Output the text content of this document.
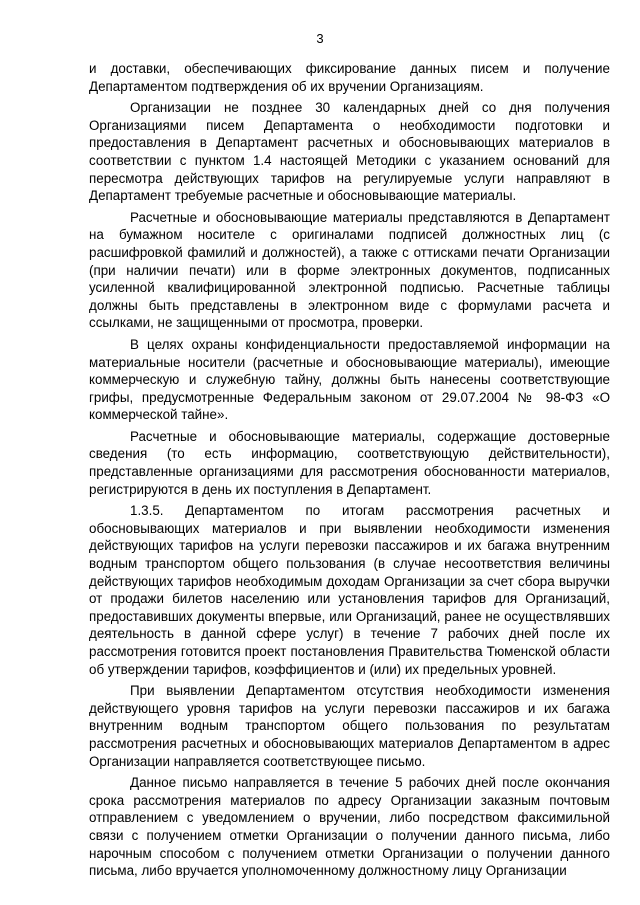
3

и доставки, обеспечивающих фиксирование данных писем и получение Департаментом подтверждения об их вручении Организациям.

Организации не позднее 30 календарных дней со дня получения Организациями писем Департамента о необходимости подготовки и предоставления в Департамент расчетных и обосновывающих материалов в соответствии с пунктом 1.4 настоящей Методики с указанием оснований для пересмотра действующих тарифов на регулируемые услуги направляют в Департамент требуемые расчетные и обосновывающие материалы.

Расчетные и обосновывающие материалы представляются в Департамент на бумажном носителе с оригиналами подписей должностных лиц (с расшифровкой фамилий и должностей), а также с оттисками печати Организации (при наличии печати) или в форме электронных документов, подписанных усиленной квалифицированной электронной подписью. Расчетные таблицы должны быть представлены в электронном виде с формулами расчета и ссылками, не защищенными от просмотра, проверки.

В целях охраны конфиденциальности предоставляемой информации на материальные носители (расчетные и обосновывающие материалы), имеющие коммерческую и служебную тайну, должны быть нанесены соответствующие грифы, предусмотренные Федеральным законом от 29.07.2004 № 98-ФЗ «О коммерческой тайне».

Расчетные и обосновывающие материалы, содержащие достоверные сведения (то есть информацию, соответствующую действительности), представленные организациями для рассмотрения обоснованности материалов, регистрируются в день их поступления в Департамент.

1.3.5. Департаментом по итогам рассмотрения расчетных и обосновывающих материалов и при выявлении необходимости изменения действующих тарифов на услуги перевозки пассажиров и их багажа внутренним водным транспортом общего пользования (в случае несоответствия величины действующих тарифов необходимым доходам Организации за счет сбора выручки от продажи билетов населению или установления тарифов для Организаций, предоставивших документы впервые, или Организаций, ранее не осуществлявших деятельность в данной сфере услуг) в течение 7 рабочих дней после их рассмотрения готовится проект постановления Правительства Тюменской области об утверждении тарифов, коэффициентов и (или) их предельных уровней.

При выявлении Департаментом отсутствия необходимости изменения действующего уровня тарифов на услуги перевозки пассажиров и их багажа внутренним водным транспортом общего пользования по результатам рассмотрения расчетных и обосновывающих материалов Департаментом в адрес Организации направляется соответствующее письмо.

Данное письмо направляется в течение 5 рабочих дней после окончания срока рассмотрения материалов по адресу Организации заказным почтовым отправлением с уведомлением о вручении, либо посредством факсимильной связи с получением отметки Организации о получении данного письма, либо нарочным способом с получением отметки Организации о получении данного письма, либо вручается уполномоченному должностному лицу Организации
